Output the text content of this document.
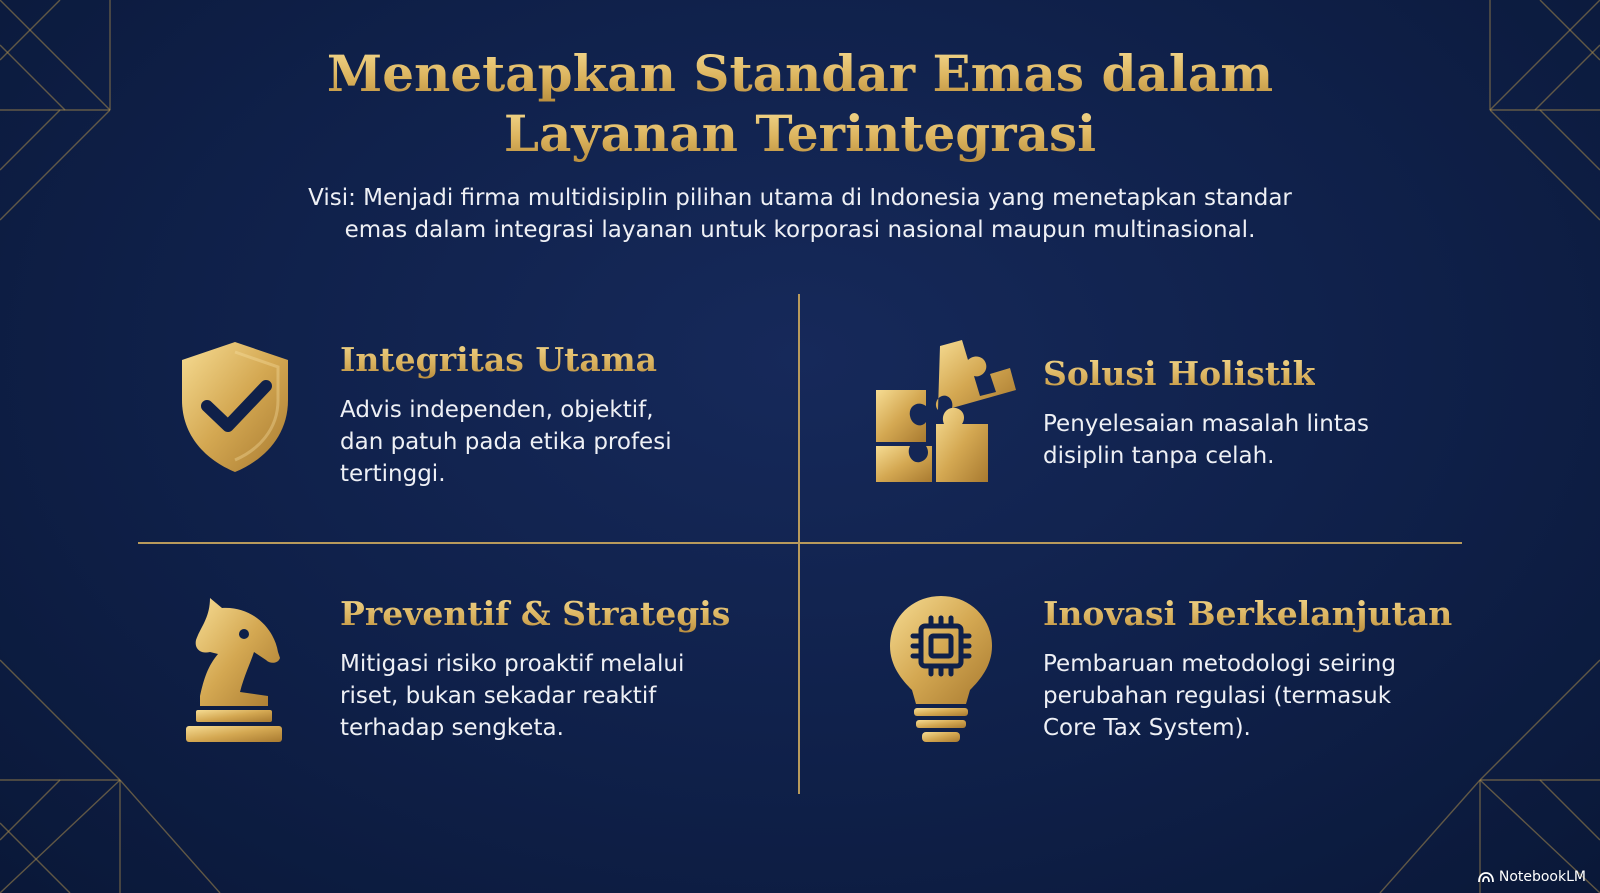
Menetapkan Standar Emas dalam
Layanan Terintegrasi
Visi: Menjadi firma multidisiplin pilihan utama di Indonesia yang menetapkan standar
emas dalam integrasi layanan untuk korporasi nasional maupun multinasional.
Integritas Utama
Advis independen, objektif,
dan patuh pada etika profesi
tertinggi.
Solusi Holistik
Penyelesaian masalah lintas
disiplin tanpa celah.
Preventif & Strategis
Mitigasi risiko proaktif melalui
riset, bukan sekadar reaktif
terhadap sengketa.
Inovasi Berkelanjutan
Pembaruan metodologi seiring
perubahan regulasi (termasuk
Core Tax System).
NotebookLM
